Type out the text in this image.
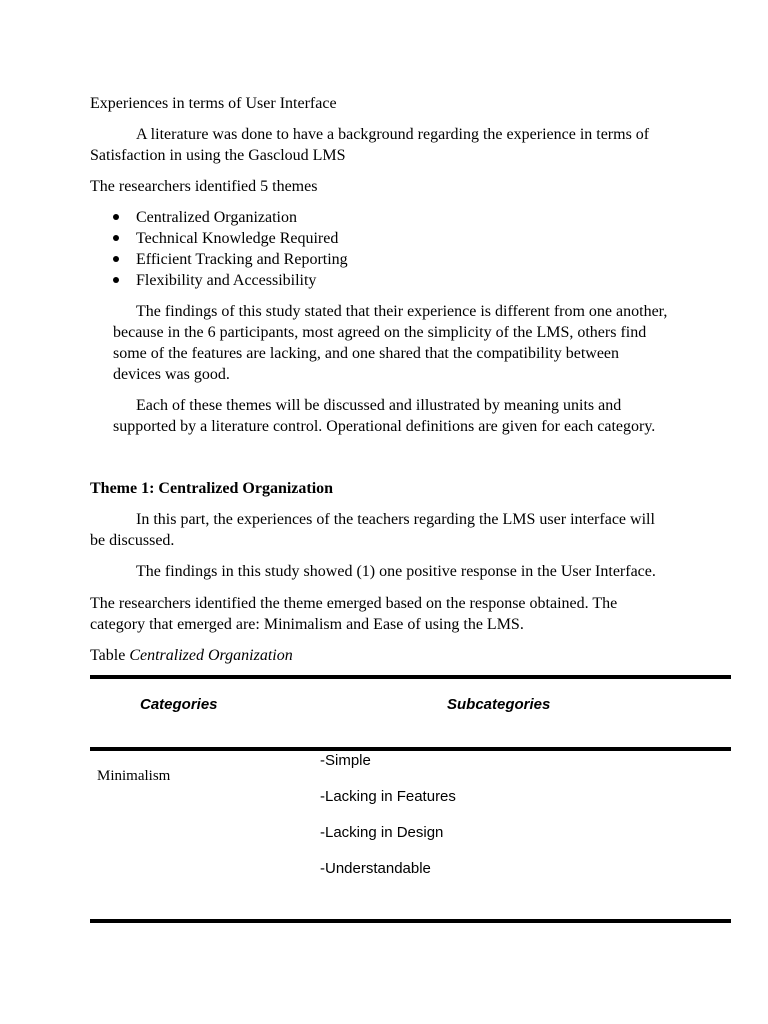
Experiences in terms of User Interface
A literature was done to have a background regarding the experience in terms of
Satisfaction in using the Gascloud LMS
The researchers identified 5 themes
Centralized Organization
Technical Knowledge Required
Efficient Tracking and Reporting
Flexibility and Accessibility
The findings of this study stated that their experience is different from one another,
because in the 6 participants, most agreed on the simplicity of the LMS, others find
some of the features are lacking, and one shared that the compatibility between
devices was good.
Each of these themes will be discussed and illustrated by meaning units and
supported by a literature control. Operational definitions are given for each category.
Theme 1: Centralized Organization
In this part, the experiences of the teachers regarding the LMS user interface will
be discussed.
The findings in this study showed (1) one positive response in the User Interface.
The researchers identified the theme emerged based on the response obtained. The
category that emerged are: Minimalism and Ease of using the LMS.
Table Centralized Organization
Categories	Subcategories
Minimalism
-Simple
-Lacking in Features
-Lacking in Design
-Understandable
